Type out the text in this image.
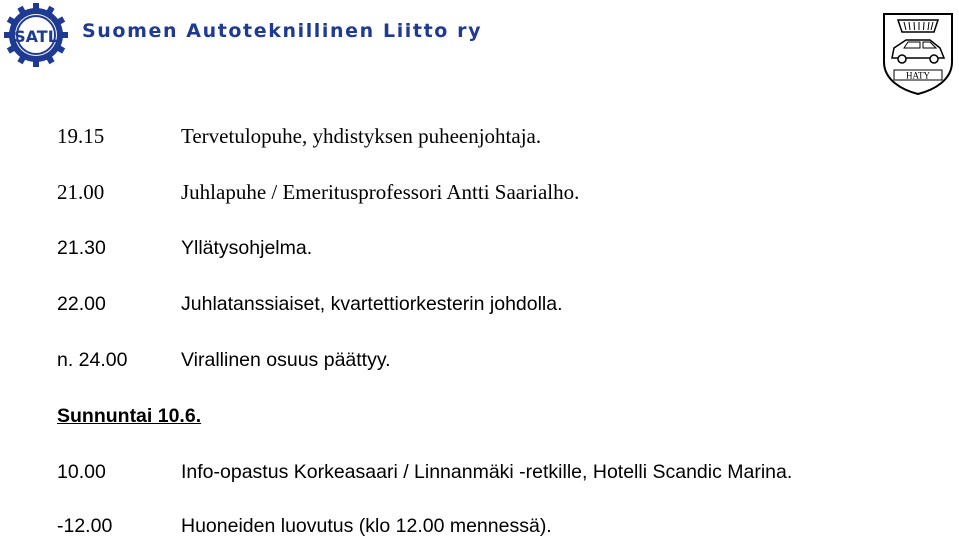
SATL Suomen Autoteknillinen Liitto ry
HATY
19.15	Tervetulopuhe, yhdistyksen puheenjohtaja.
21.00	Juhlapuhe / Emeritusprofessori Antti Saarialho.
21.30	Yllätysohjelma.
22.00	Juhlatanssiaiset, kvartettiorkesterin johdolla.
n. 24.00	Virallinen osuus päättyy.
Sunnuntai 10.6.
10.00	Info-opastus Korkeasaari / Linnanmäki -retkille, Hotelli Scandic Marina.
-12.00	Huoneiden luovutus (klo 12.00 mennessä).
